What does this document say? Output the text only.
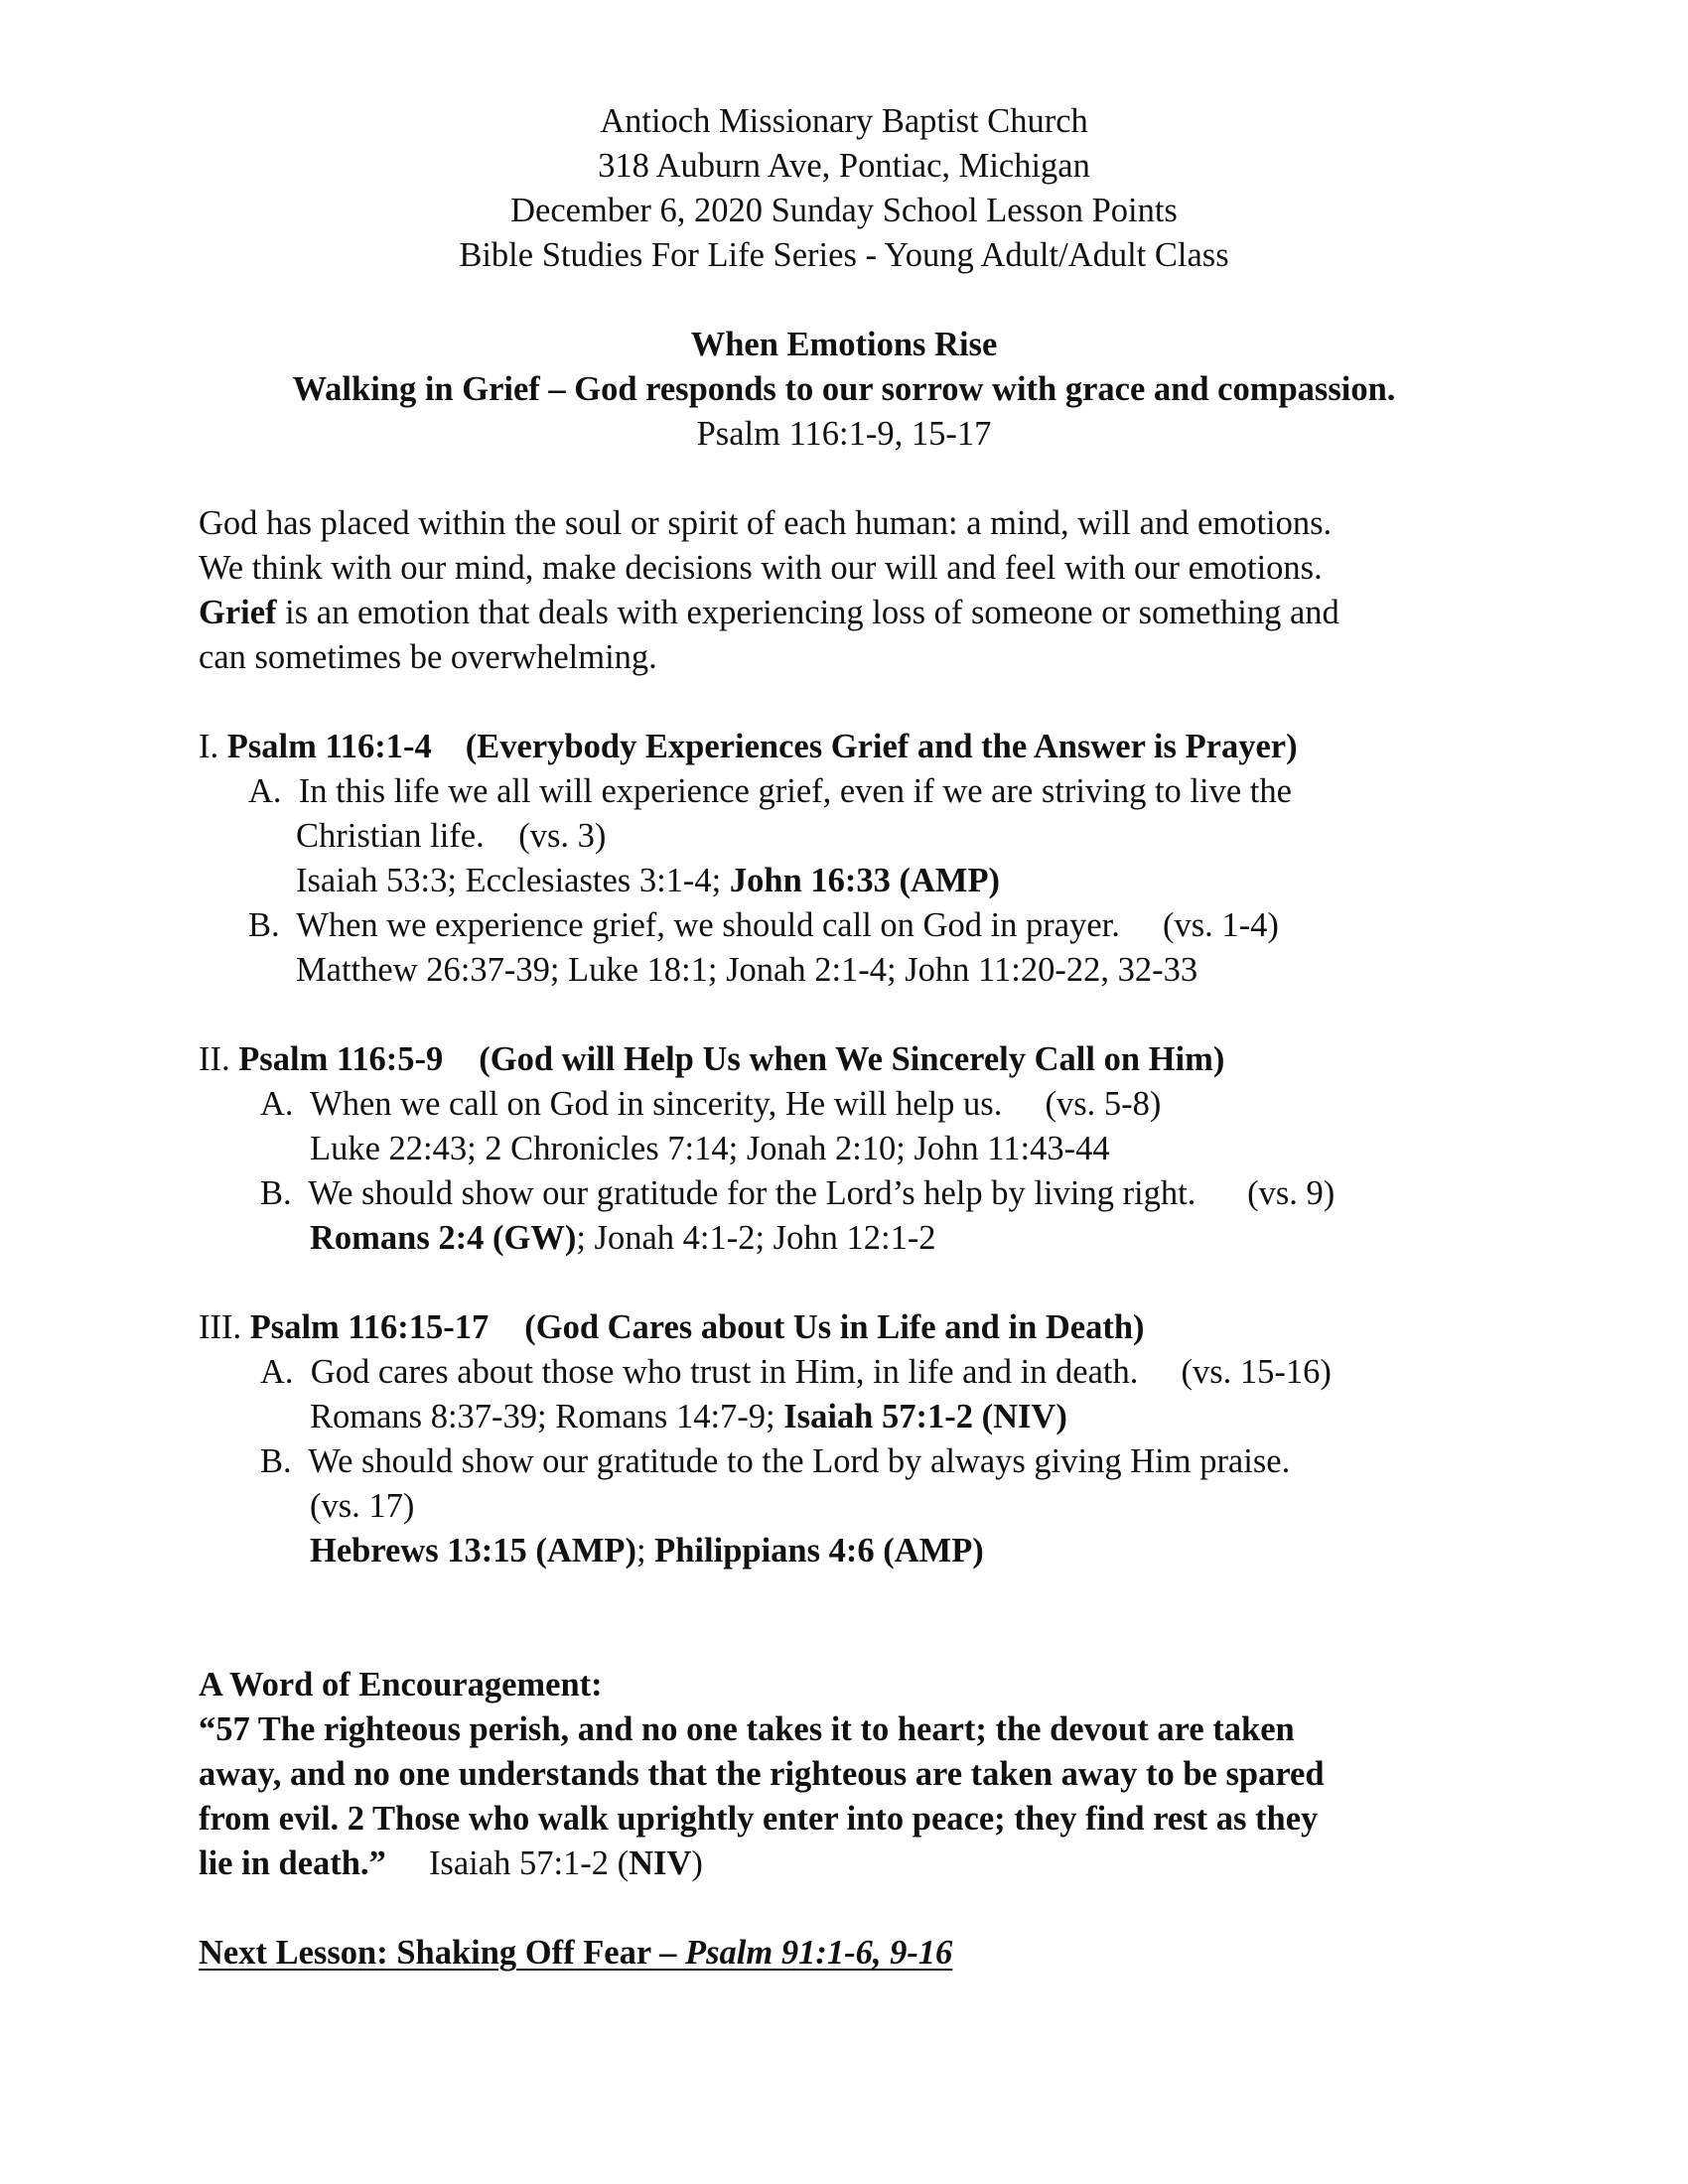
Antioch Missionary Baptist Church
318 Auburn Ave, Pontiac, Michigan
December 6, 2020 Sunday School Lesson Points
Bible Studies For Life Series - Young Adult/Adult Class
When Emotions Rise
Walking in Grief – God responds to our sorrow with grace and compassion.
Psalm 116:1-9, 15-17
God has placed within the soul or spirit of each human: a mind, will and emotions.
We think with our mind, make decisions with our will and feel with our emotions.
Grief is an emotion that deals with experiencing loss of someone or something and
can sometimes be overwhelming.
I. Psalm 116:1-4 (Everybody Experiences Grief and the Answer is Prayer)
A.  In this life we all will experience grief, even if we are striving to live the
Christian life.    (vs. 3)
Isaiah 53:3; Ecclesiastes 3:1-4; John 16:33 (AMP)
B.  When we experience grief, we should call on God in prayer.     (vs. 1-4)
Matthew 26:37-39; Luke 18:1; Jonah 2:1-4; John 11:20-22, 32-33
II. Psalm 116:5-9 (God will Help Us when We Sincerely Call on Him)
A.  When we call on God in sincerity, He will help us.     (vs. 5-8)
Luke 22:43; 2 Chronicles 7:14; Jonah 2:10; John 11:43-44
B.  We should show our gratitude for the Lord’s help by living right.      (vs. 9)
Romans 2:4 (GW); Jonah 4:1-2; John 12:1-2
III. Psalm 116:15-17 (God Cares about Us in Life and in Death)
A.  God cares about those who trust in Him, in life and in death.     (vs. 15-16)
Romans 8:37-39; Romans 14:7-9; Isaiah 57:1-2 (NIV)
B.  We should show our gratitude to the Lord by always giving Him praise.
(vs. 17)
Hebrews 13:15 (AMP); Philippians 4:6 (AMP)
A Word of Encouragement:
“57 The righteous perish, and no one takes it to heart; the devout are taken
away, and no one understands that the righteous are taken away to be spared
from evil. 2 Those who walk uprightly enter into peace; they find rest as they
lie in death.”     Isaiah 57:1-2 (NIV)
Next Lesson: Shaking Off Fear – Psalm 91:1-6, 9-16
